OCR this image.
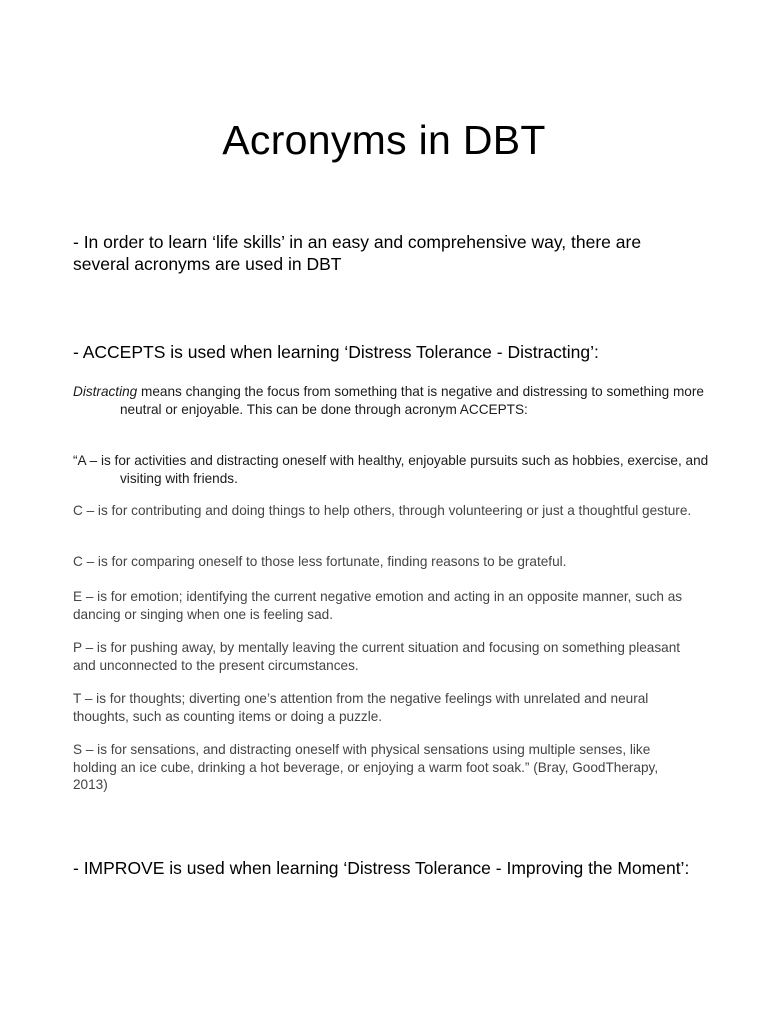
Acronyms in DBT

- In order to learn ‘life skills’ in an easy and comprehensive way, there are several acronyms are used in DBT

- ACCEPTS is used when learning ‘Distress Tolerance - Distracting’:

Distracting means changing the focus from something that is negative and distressing to something more neutral or enjoyable. This can be done through acronym ACCEPTS:

“A – is for activities and distracting oneself with healthy, enjoyable pursuits such as hobbies, exercise, and visiting with friends.

C – is for contributing and doing things to help others, through volunteering or just a thoughtful gesture.

C – is for comparing oneself to those less fortunate, finding reasons to be grateful.

E – is for emotion; identifying the current negative emotion and acting in an opposite manner, such as dancing or singing when one is feeling sad.

P – is for pushing away, by mentally leaving the current situation and focusing on something pleasant and unconnected to the present circumstances.

T – is for thoughts; diverting one’s attention from the negative feelings with unrelated and neural thoughts, such as counting items or doing a puzzle.

S – is for sensations, and distracting oneself with physical sensations using multiple senses, like holding an ice cube, drinking a hot beverage, or enjoying a warm foot soak.” (Bray, GoodTherapy, 2013)

- IMPROVE is used when learning ‘Distress Tolerance - Improving the Moment’:
